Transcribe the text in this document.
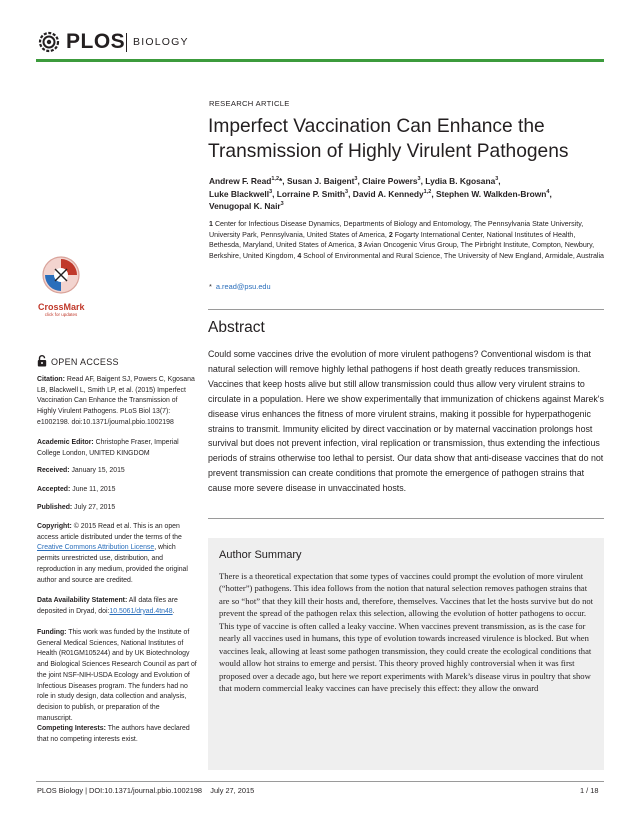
PLOS BIOLOGY
CrossMark
click for updates
OPEN ACCESS
Citation: Read AF, Baigent SJ, Powers C, Kgosana LB, Blackwell L, Smith LP, et al. (2015) Imperfect Vaccination Can Enhance the Transmission of Highly Virulent Pathogens. PLoS Biol 13(7): e1002198. doi:10.1371/journal.pbio.1002198
Academic Editor: Christophe Fraser, Imperial College London, UNITED KINGDOM
Received: January 15, 2015
Accepted: June 11, 2015
Published: July 27, 2015
Copyright: © 2015 Read et al. This is an open access article distributed under the terms of the Creative Commons Attribution License, which permits unrestricted use, distribution, and reproduction in any medium, provided the original author and source are credited.
Data Availability Statement: All data files are deposited in Dryad, doi:10.5061/dryad.4tn48.
Funding: This work was funded by the Institute of General Medical Sciences, National Institutes of Health (R01GM105244) and by UK Biotechnology and Biological Sciences Research Council as part of the joint NSF-NIH-USDA Ecology and Evolution of Infectious Diseases program. The funders had no role in study design, data collection and analysis, decision to publish, or preparation of the manuscript.
Competing Interests: The authors have declared that no competing interests exist.
RESEARCH ARTICLE
Imperfect Vaccination Can Enhance the Transmission of Highly Virulent Pathogens
Andrew F. Read$^{1,2}$*, Susan J. Baigent$^3$, Claire Powers$^3$, Lydia B. Kgosana$^3$,
Luke Blackwell$^3$, Lorraine P. Smith$^3$, David A. Kennedy$^{1,2}$, Stephen W. Walkden-Brown$^4$,
Venugopal K. Nair$^3$
1 Center for Infectious Disease Dynamics, Departments of Biology and Entomology, The Pennsylvania State University, University Park, Pennsylvania, United States of America, 2 Fogarty International Center, National Institutes of Health, Bethesda, Maryland, United States of America, 3 Avian Oncogenic Virus Group, The Pirbright Institute, Compton, Newbury, Berkshire, United Kingdom, 4 School of Environmental and Rural Science, The University of New England, Armidale, Australia
* a.read@psu.edu
Abstract

Could some vaccines drive the evolution of more virulent pathogens? Conventional wisdom is that natural selection will remove highly lethal pathogens if host death greatly reduces transmission. Vaccines that keep hosts alive but still allow transmission could thus allow very virulent strains to circulate in a population. Here we show experimentally that immunization of chickens against Marek's disease virus enhances the fitness of more virulent strains, making it possible for hyperpathogenic strains to transmit. Immunity elicited by direct vaccination or by maternal vaccination prolongs host survival but does not prevent infection, viral replication or transmission, thus extending the infectious periods of strains otherwise too lethal to persist. Our data show that anti-disease vaccines that do not prevent transmission can create conditions that promote the emergence of pathogen strains that cause more severe disease in unvaccinated hosts.

Author Summary

There is a theoretical expectation that some types of vaccines could prompt the evolution of more virulent (“hotter”) pathogens. This idea follows from the notion that natural selection removes pathogen strains that are so “hot” that they kill their hosts and, therefore, themselves. Vaccines that let the hosts survive but do not prevent the spread of the pathogen relax this selection, allowing the evolution of hotter pathogens to occur. This type of vaccine is often called a leaky vaccine. When vaccines prevent transmission, as is the case for nearly all vaccines used in humans, this type of evolution towards increased virulence is blocked. But when vaccines leak, allowing at least some pathogen transmission, they could create the ecological conditions that would allow hot strains to emerge and persist. This theory proved highly controversial when it was first proposed over a decade ago, but here we report experiments with Marek’s disease virus in poultry that show that modern commercial leaky vaccines can have precisely this effect: they allow the onward

PLOS Biology | DOI:10.1371/journal.pbio.1002198    July 27, 2015	1 / 18
